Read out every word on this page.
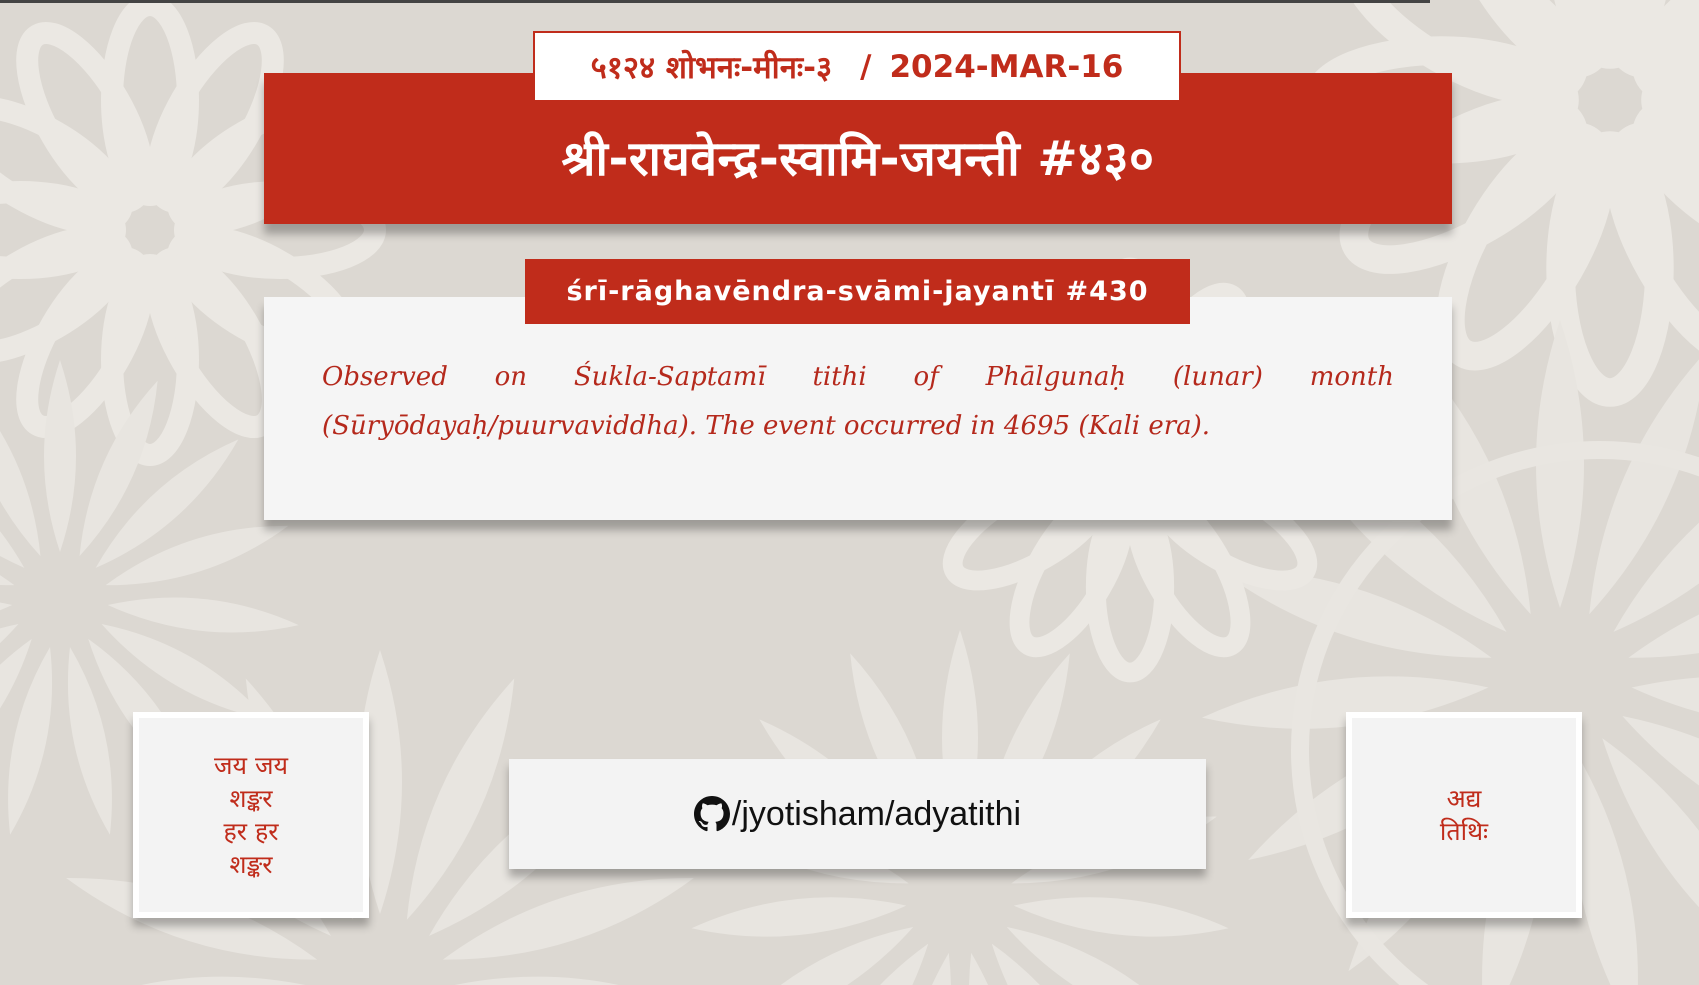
श्री-राघवेन्द्र-स्वामि-जयन्ती #४३०
५१२४ शोभनः-मीनः-३ / 2024-MAR-16
Observed on Śukla-Saptamī tithi of Phālgunaḥ (lunar) month (Sūryōdayaḥ/puurvaviddha). The event occurred in 4695 (Kali era).
śrī-rāghavēndra-svāmi-jayantī #430
जय जय
शङ्कर
हर हर
शङ्कर
/jyotisham/adyatithi	अद्य
तिथिः
